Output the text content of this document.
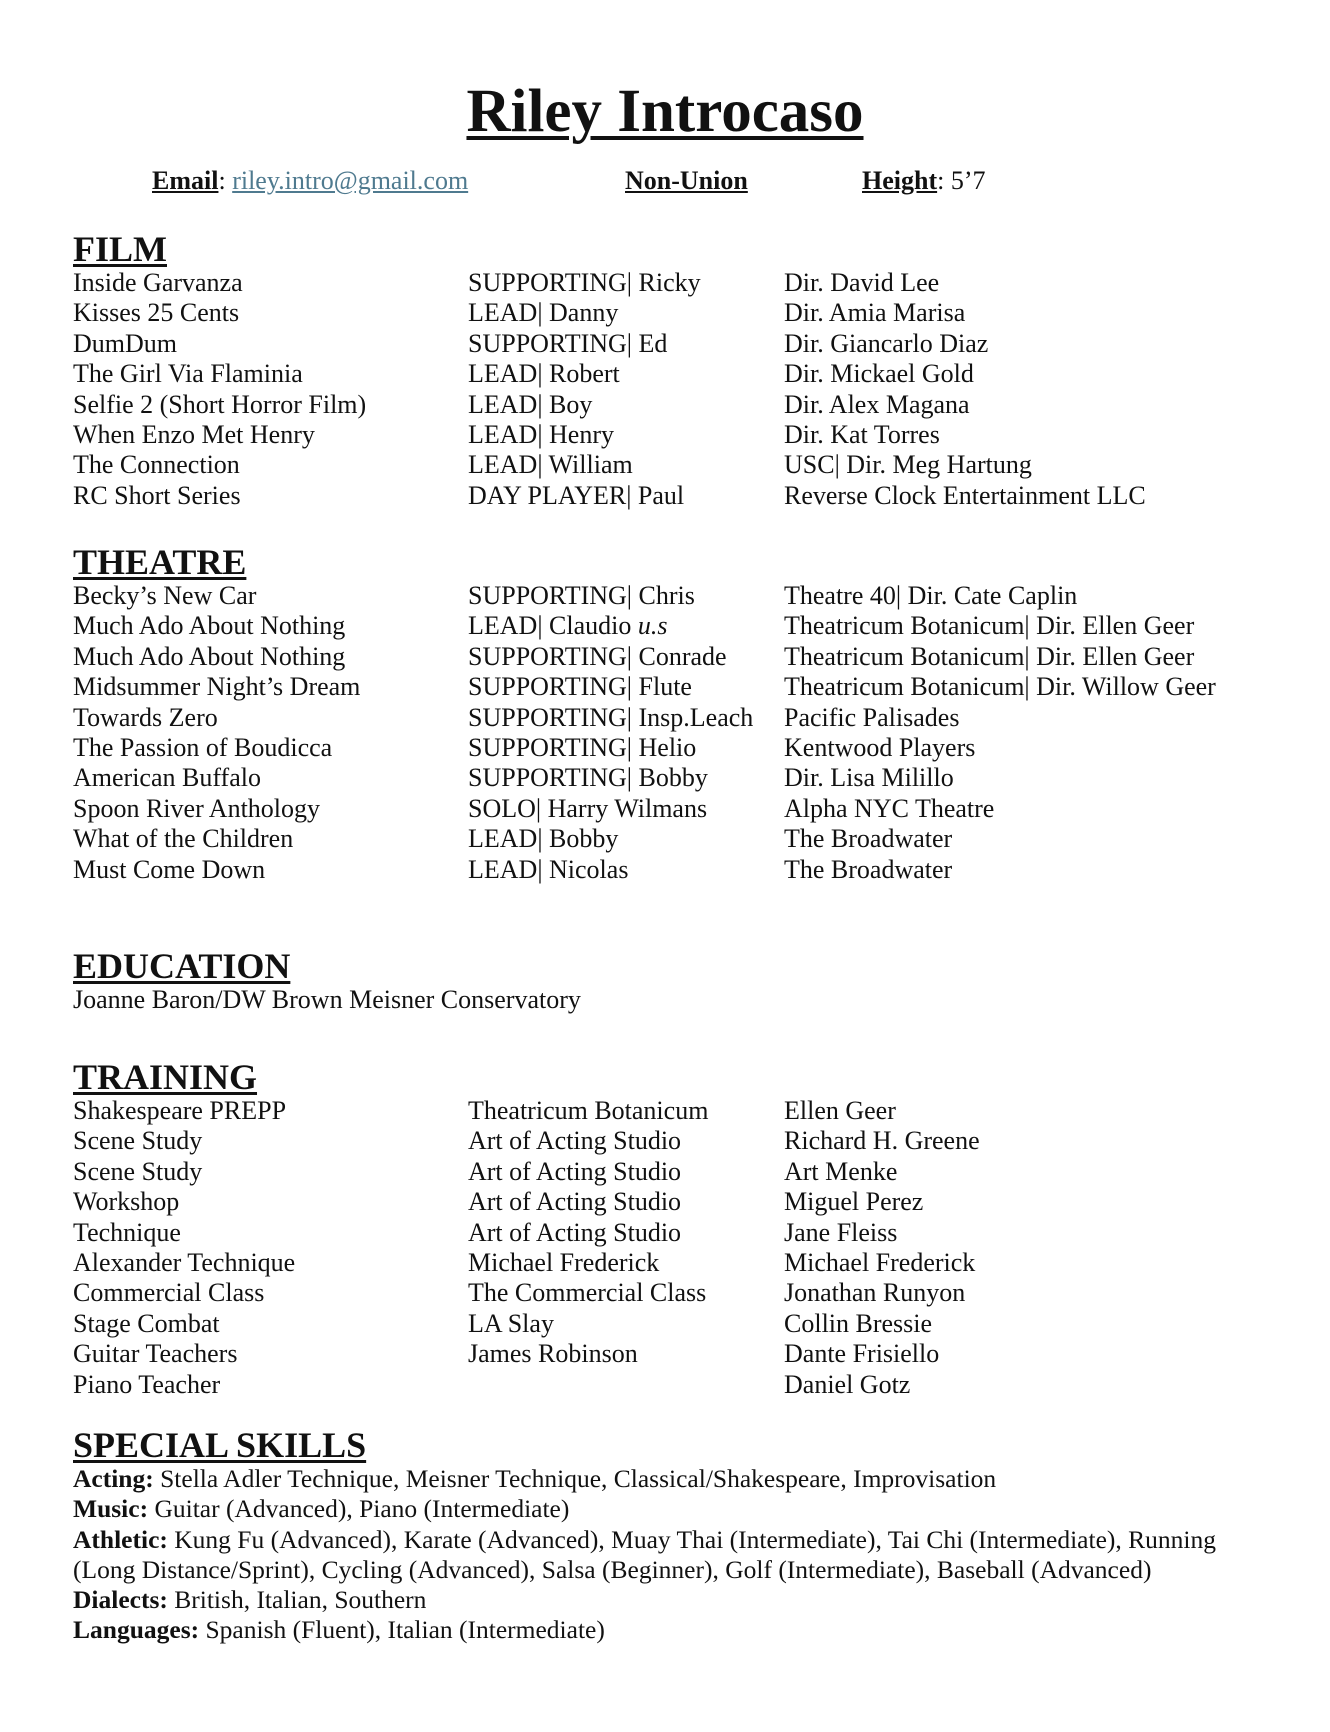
Riley Introcaso
Email: riley.intro@gmail.com	Non-Union	Height: 5’7
FILM
Inside Garvanza	SUPPORTING| Ricky	Dir. David Lee
Kisses 25 Cents	LEAD| Danny	Dir. Amia Marisa
DumDum	SUPPORTING| Ed	Dir. Giancarlo Diaz
The Girl Via Flaminia	LEAD| Robert	Dir. Mickael Gold
Selfie 2 (Short Horror Film)	LEAD| Boy	Dir. Alex Magana
When Enzo Met Henry	LEAD| Henry	Dir. Kat Torres
The Connection	LEAD| William	USC| Dir. Meg Hartung
RC Short Series	DAY PLAYER| Paul	Reverse Clock Entertainment LLC
THEATRE
Becky’s New Car	SUPPORTING| Chris	Theatre 40| Dir. Cate Caplin
Much Ado About Nothing	LEAD| Claudio u.s	Theatricum Botanicum| Dir. Ellen Geer
Much Ado About Nothing	SUPPORTING| Conrade	Theatricum Botanicum| Dir. Ellen Geer
Midsummer Night’s Dream	SUPPORTING| Flute	Theatricum Botanicum| Dir. Willow Geer
Towards Zero	SUPPORTING| Insp.Leach	Pacific Palisades
The Passion of Boudicca	SUPPORTING| Helio	Kentwood Players
American Buffalo	SUPPORTING| Bobby	Dir. Lisa Milillo
Spoon River Anthology	SOLO| Harry Wilmans	Alpha NYC Theatre
What of the Children	LEAD| Bobby	The Broadwater
Must Come Down	LEAD| Nicolas	The Broadwater
EDUCATION
Joanne Baron/DW Brown Meisner Conservatory
TRAINING
Shakespeare PREPP	Theatricum Botanicum	Ellen Geer
Scene Study	Art of Acting Studio	Richard H. Greene
Scene Study	Art of Acting Studio	Art Menke
Workshop	Art of Acting Studio	Miguel Perez
Technique	Art of Acting Studio	Jane Fleiss
Alexander Technique	Michael Frederick	Michael Frederick
Commercial Class	The Commercial Class	Jonathan Runyon
Stage Combat	LA Slay	Collin Bressie
Guitar Teachers	James Robinson	Dante Frisiello
Piano Teacher		Daniel Gotz
SPECIAL SKILLS
Acting: Stella Adler Technique, Meisner Technique, Classical/Shakespeare, Improvisation
Music: Guitar (Advanced), Piano (Intermediate)
Athletic: Kung Fu (Advanced), Karate (Advanced), Muay Thai (Intermediate), Tai Chi (Intermediate), Running (Long Distance/Sprint), Cycling (Advanced), Salsa (Beginner), Golf (Intermediate), Baseball (Advanced)
Dialects: British, Italian, Southern
Languages: Spanish (Fluent), Italian (Intermediate)
